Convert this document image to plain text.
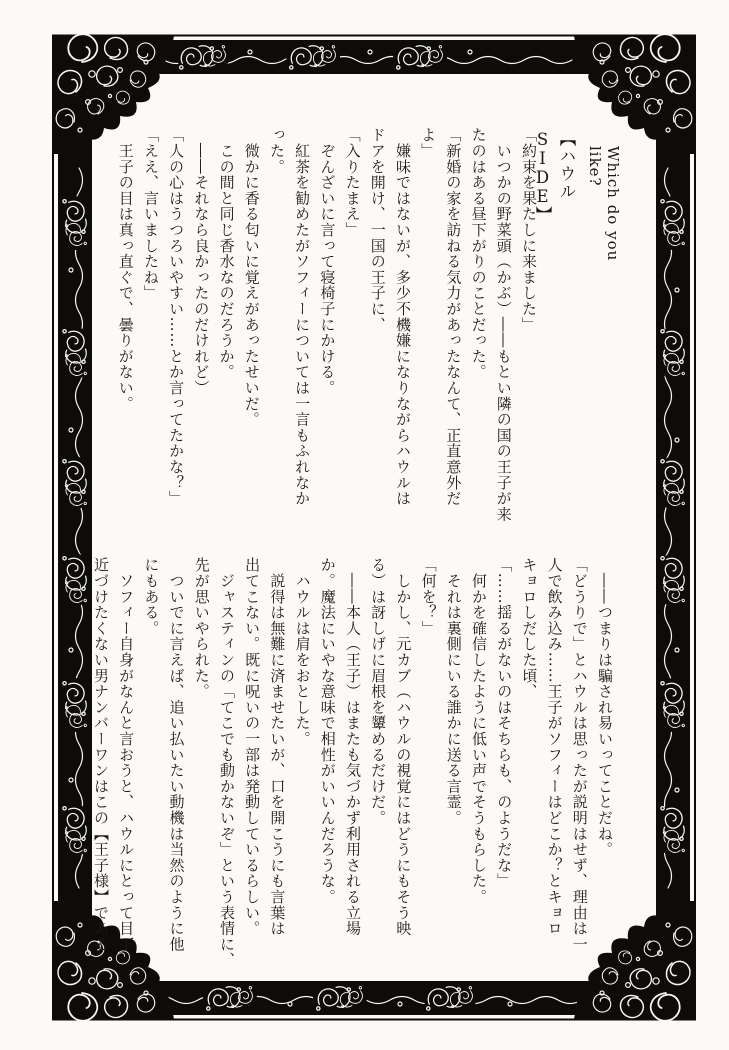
Which do you like?
【ハウルSIDE】
「約束を果たしに来ました」
　いつかの野菜頭（かぶ）――もとい隣の国の王子が来
たのはある昼下がりのことだった。
「新婚の家を訪ねる気力があったなんて、正直意外だ
よ」
　嫌味ではないが、多少不機嫌になりながらハウルは
ドアを開け、一国の王子に、
「入りたまえ」
　ぞんざいに言って寝椅子にかける。
　紅茶を勧めたがソフィーについては一言もふれなか
った。
　微かに香る匂いに覚えがあったせいだ。
　この間と同じ香水なのだろうか。
　――それなら良かったのだけれど）
「人の心はうつろいやすい……とか言ってたかな？」
「ええ、言いましたね」
　王子の目は真っ直ぐで、曇りがない。
　――つまりは騙され易いってことだね。
「どうりで」とハウルは思ったが説明はせず、理由は一
人で飲み込み……王子がソフィーはどこか？とキョロ
キョロしだした頃、
「……揺るがないのはそちらも、のようだな」
　何かを確信したように低い声でそうもらした。
　それは裏側にいる誰かに送る言霊。
「何を？」
　しかし、元カブ（ハウルの視覚にはどうにもそう映
る）は訝しげに眉根を顰めるだけだ。
　――本人（王子）はまたも気づかず利用される立場
か。魔法にいやな意味で相性がいいんだろうな。
　ハウルは肩をおとした。
　説得は無難に済ませたいが、口を開こうにも言葉は
出てこない。既に呪いの一部は発動しているらしい。
　ジャスティンの「てこでも動かないぞ」という表情に、
先が思いやられた。
　ついでに言えば、追い払いたい動機は当然のように他
にもある。
　ソフィー自身がなんと言おうと、ハウルにとって目下
近づけたくない男ナンバーワンはこの【王子様】である
